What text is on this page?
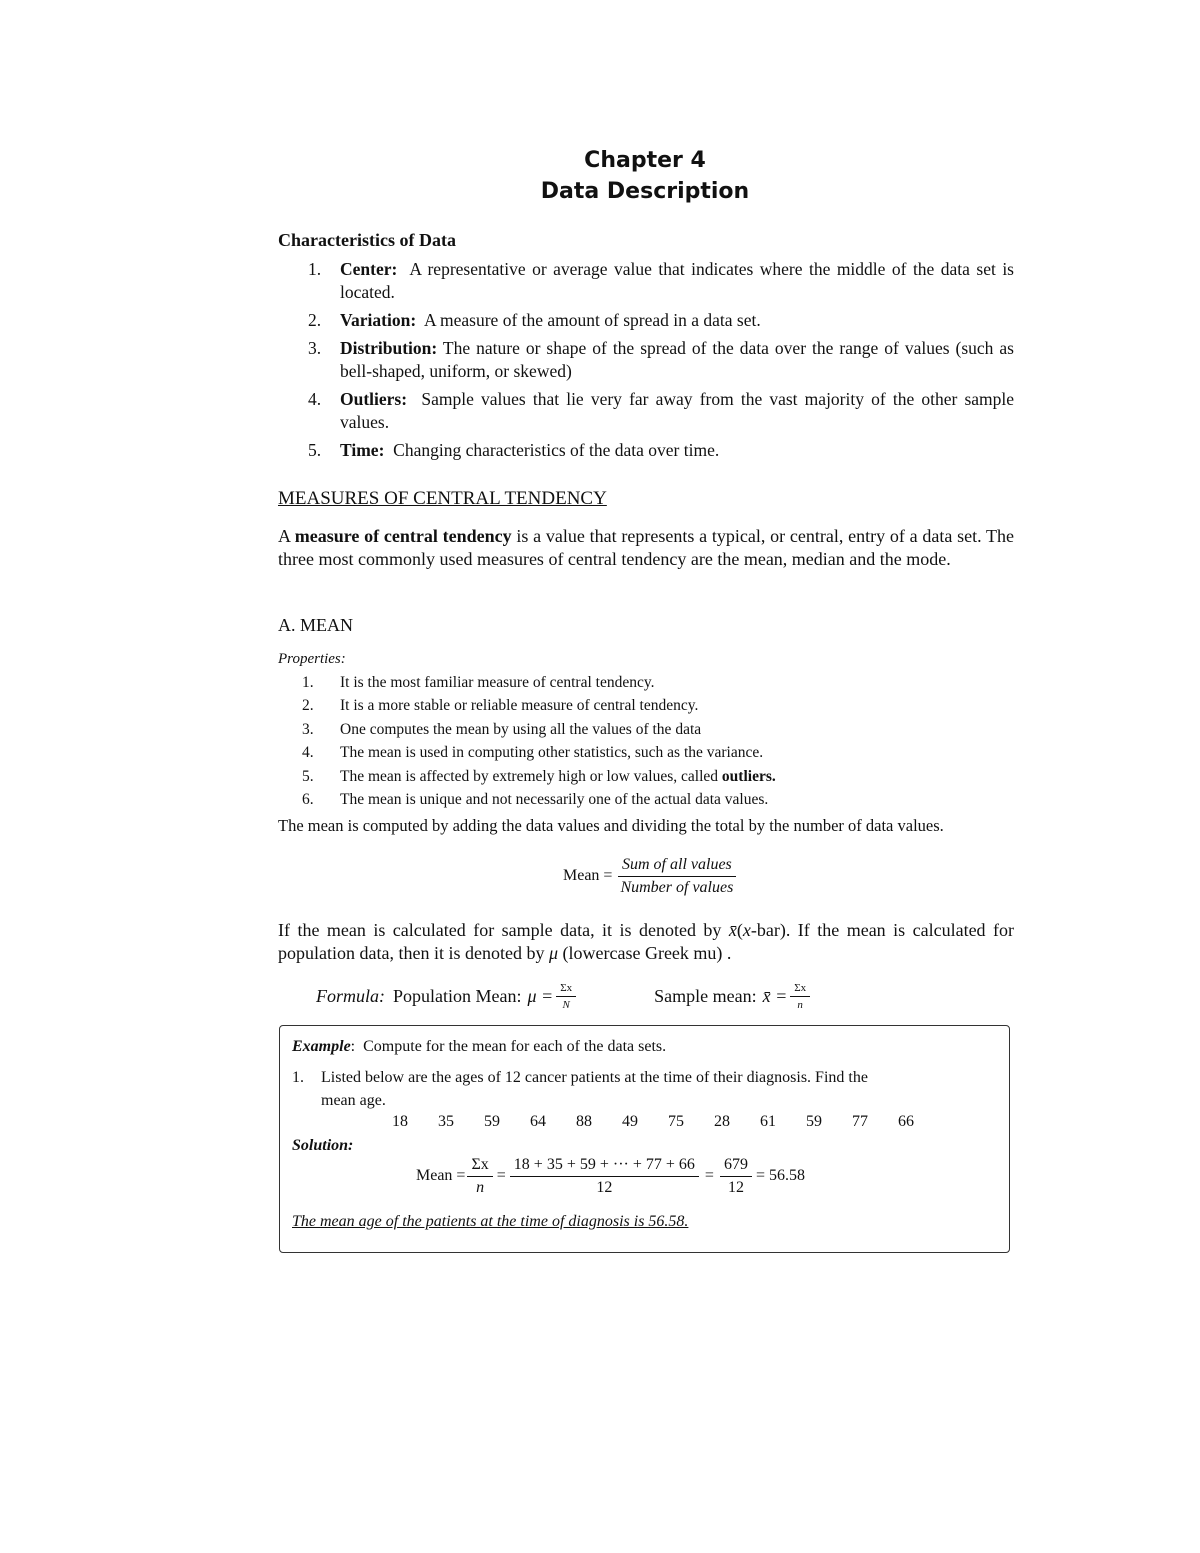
Chapter 4
Data Description
Characteristics of Data
1. Center: A representative or average value that indicates where the middle of the data set is located.
2. Variation: A measure of the amount of spread in a data set.
3. Distribution: The nature or shape of the spread of the data over the range of values (such as bell-shaped, uniform, or skewed)
4. Outliers: Sample values that lie very far away from the vast majority of the other sample values.
5. Time: Changing characteristics of the data over time.
MEASURES OF CENTRAL TENDENCY
A measure of central tendency is a value that represents a typical, or central, entry of a data set. The three most commonly used measures of central tendency are the mean, median and the mode.
A. MEAN
Properties:
1. It is the most familiar measure of central tendency.
2. It is a more stable or reliable measure of central tendency.
3. One computes the mean by using all the values of the data
4. The mean is used in computing other statistics, such as the variance.
5. The mean is affected by extremely high or low values, called outliers.
6. The mean is unique and not necessarily one of the actual data values.
The mean is computed by adding the data values and dividing the total by the number of data values.
Mean = $\frac{\text{Sum of all values}}{\text{Number of values}}$
If the mean is calculated for sample data, it is denoted by x̄(x-bar). If the mean is calculated for population data, then it is denoted by μ (lowercase Greek mu) .
Formula: Population Mean: $\mu = \frac{\Sigma x}{N}$	Sample mean: x̄ = $\frac{\Sigma x}{n}$
Example: Compute for the mean for each of the data sets.
1. Listed below are the ages of 12 cancer patients at the time of their diagnosis. Find the
mean age.
18	35	59	64	88	49	75	28	61	59	77	66
Solution:
Mean = $\frac{\Sigma x}{n} = \frac{18 + 35 + 59 + \cdot\cdot\cdot + 77 + 66}{12} = \frac{679}{12} = 56.58$
The mean age of the patients at the time of diagnosis is 56.58.
